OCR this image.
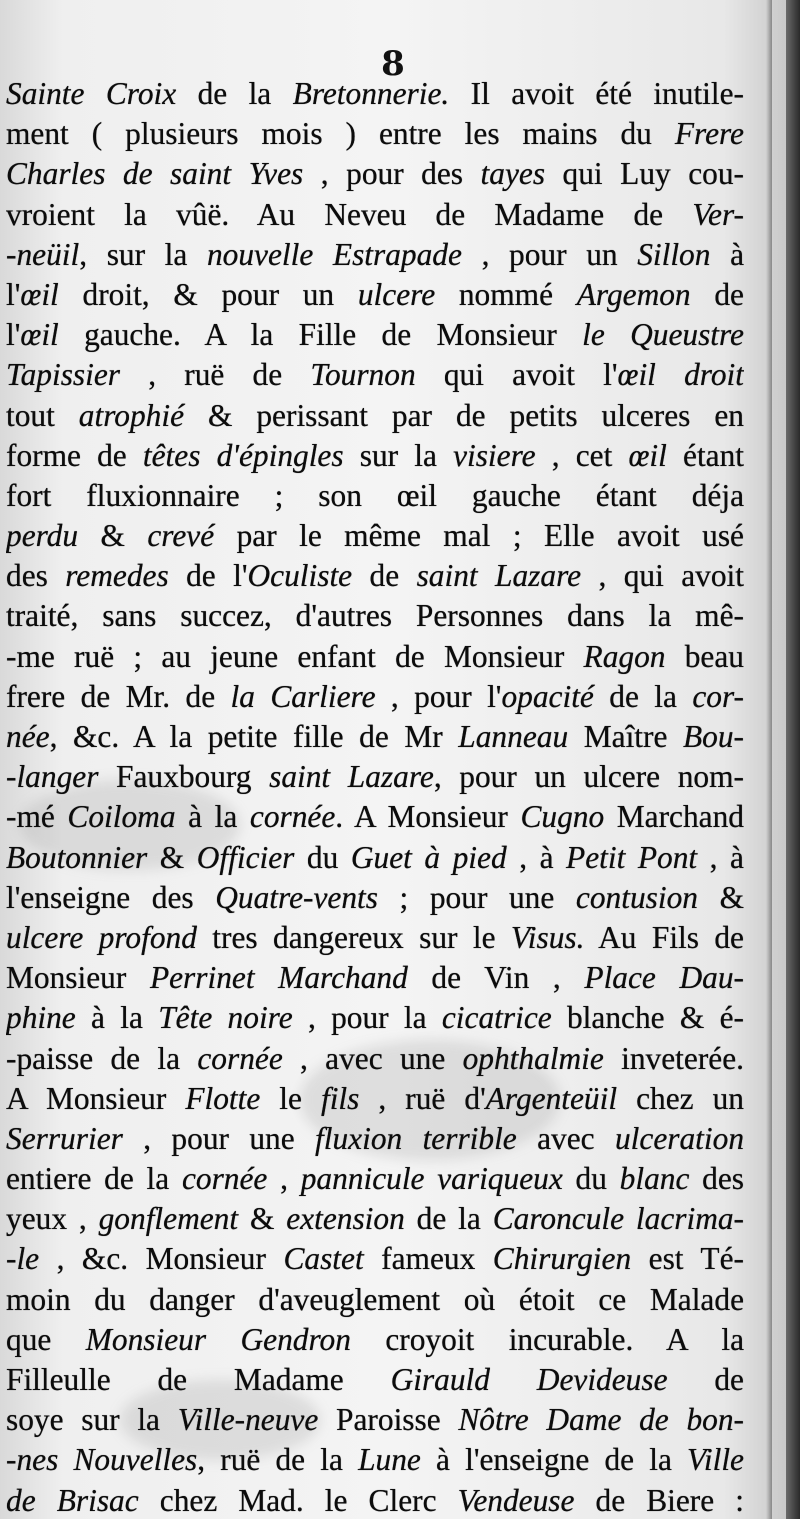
8
Sainte Croix de la Bretonnerie. Il avoit été inutile-
ment ( plusieurs mois ) entre les mains du Frere
Charles de saint Yves , pour des tayes qui Luy cou-
vroient la vûë. Au Neveu de Madame de Ver-
-neüil, sur la nouvelle Estrapade , pour un Sillon à
l'œil droit, & pour un ulcere nommé Argemon de
l'œil gauche. A la Fille de Monsieur le Queustre
Tapissier , ruë de Tournon qui avoit l'œil droit
tout atrophié & perissant par de petits ulceres en
forme de têtes d'épingles sur la visiere , cet œil étant
fort fluxionnaire ; son œil gauche étant déja
perdu & crevé par le même mal ; Elle avoit usé
des remedes de l'Oculiste de saint Lazare , qui avoit
traité, sans succez, d'autres Personnes dans la mê-
-me ruë ; au jeune enfant de Monsieur Ragon beau
frere de Mr. de la Carliere , pour l'opacité de la cor-
née, &c. A la petite fille de Mr Lanneau Maître Bou-
-langer Fauxbourg saint Lazare, pour un ulcere nom-
-mé Coiloma à la cornée. A Monsieur Cugno Marchand
Boutonnier & Officier du Guet à pied , à Petit Pont , à
l'enseigne des Quatre-vents ; pour une contusion &
ulcere profond tres dangereux sur le Visus. Au Fils de
Monsieur Perrinet Marchand de Vin , Place Dau-
phine à la Tête noire , pour la cicatrice blanche & é-
-paisse de la cornée , avec une ophthalmie inveterée.
A Monsieur Flotte le fils , ruë d'Argenteüil chez un
Serrurier , pour une fluxion terrible avec ulceration
entiere de la cornée , pannicule variqueux du blanc des
yeux , gonflement & extension de la Caroncule lacrima-
-le , &c. Monsieur Castet fameux Chirurgien est Té-
moin du danger d'aveuglement où étoit ce Malade
que Monsieur Gendron croyoit incurable. A la
Filleulle de Madame Girauld Devideuse de
soye sur la Ville-neuve Paroisse Nôtre Dame de bon-
-nes Nouvelles, ruë de la Lune à l'enseigne de la Ville
de Brisac chez Mad. le Clerc Vendeuse de Biere :
